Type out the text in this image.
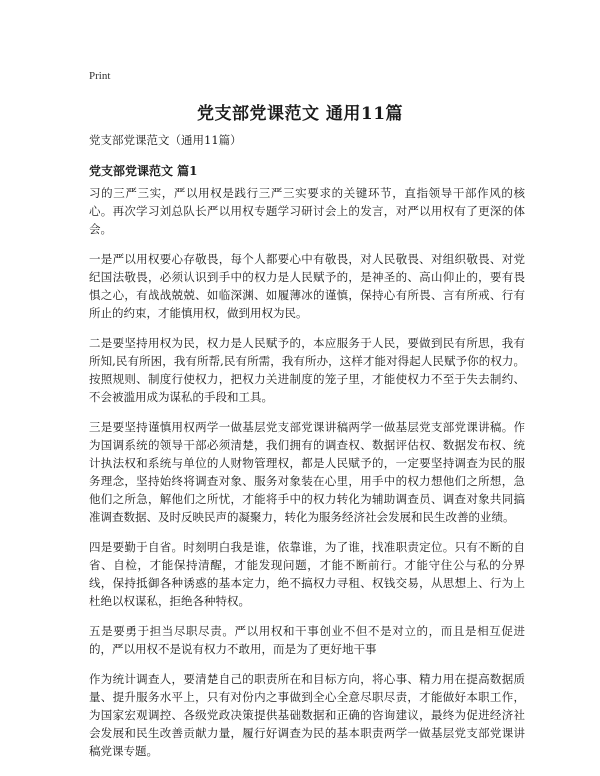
Print
党支部党课范文 通用11篇
党支部党课范文（通用11篇）
党支部党课范文 篇1

习的三严三实，严以用权是践行三严三实要求的关键环节，直指领导干部作风的核心。再次学习刘总队长严以用权专题学习研讨会上的发言，对严以用权有了更深的体会。

一是严以用权要心存敬畏，每个人都要心中有敬畏，对人民敬畏、对组织敬畏、对党纪国法敬畏，必须认识到手中的权力是人民赋予的，是神圣的、高山仰止的，要有畏惧之心，有战战兢兢、如临深渊、如履薄冰的谨慎，保持心有所畏、言有所戒、行有所止的约束，才能慎用权，做到用权为民。

二是要坚持用权为民，权力是人民赋予的，本应服务于人民，要做到民有所思，我有所知,民有所困，我有所帮,民有所需，我有所办，这样才能对得起人民赋予你的权力。按照规则、制度行使权力，把权力关进制度的笼子里，才能使权力不至于失去制约、不会被滥用成为谋私的手段和工具。

三是要坚持谨慎用权两学一做基层党支部党课讲稿两学一做基层党支部党课讲稿。作为国调系统的领导干部必须清楚，我们拥有的调查权、数据评估权、数据发布权、统计执法权和系统与单位的人财物管理权，都是人民赋予的，一定要坚持调查为民的服务理念，坚持始终将调查对象、服务对象装在心里，用手中的权力想他们之所想，急他们之所急，解他们之所忧，才能将手中的权力转化为辅助调查员、调查对象共同搞准调查数据、及时反映民声的凝聚力，转化为服务经济社会发展和民生改善的业绩。

四是要勤于自省。时刻明白我是谁，依靠谁，为了谁，找准职责定位。只有不断的自省、自检，才能保持清醒，才能发现问题，才能不断前行。才能守住公与私的分界线，保持抵御各种诱惑的基本定力，绝不搞权力寻租、权钱交易，从思想上、行为上杜绝以权谋私，拒绝各种特权。

五是要勇于担当尽职尽责。严以用权和干事创业不但不是对立的，而且是相互促进的，严以用权不是说有权力不敢用，而是为了更好地干事

作为统计调查人，要清楚自己的职责所在和目标方向，将心事、精力用在提高数据质量、提升服务水平上，只有对份内之事做到全心全意尽职尽责，才能做好本职工作，为国家宏观调控、各级党政决策提供基础数据和正确的咨询建议，最终为促进经济社会发展和民生改善贡献力量，履行好调查为民的基本职责两学一做基层党支部党课讲稿党课专题。
